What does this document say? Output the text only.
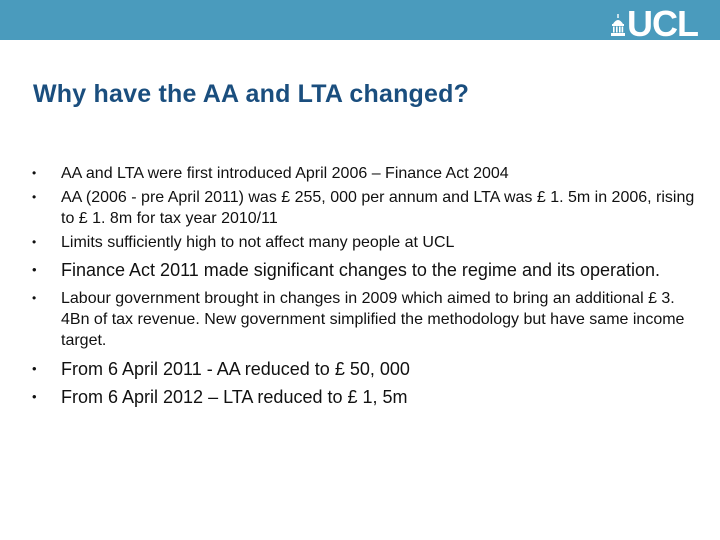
UCL
Why have the AA and LTA changed?
•	AA and LTA were first introduced April 2006 – Finance Act 2004
•	AA (2006 - pre April 2011) was £ 255, 000 per annum and LTA was £ 1. 5m in 2006, rising to £ 1. 8m for tax year 2010/11
•	Limits sufficiently high to not affect many people at UCL
•	Finance Act 2011 made significant changes to the regime and its operation.
•	Labour government brought in changes in 2009 which aimed to bring an additional £ 3. 4Bn of tax revenue. New government simplified the methodology but have same income target.
•	From 6 April 2011 - AA reduced to £ 50, 000
•	From 6 April 2012 – LTA reduced to £ 1, 5m
